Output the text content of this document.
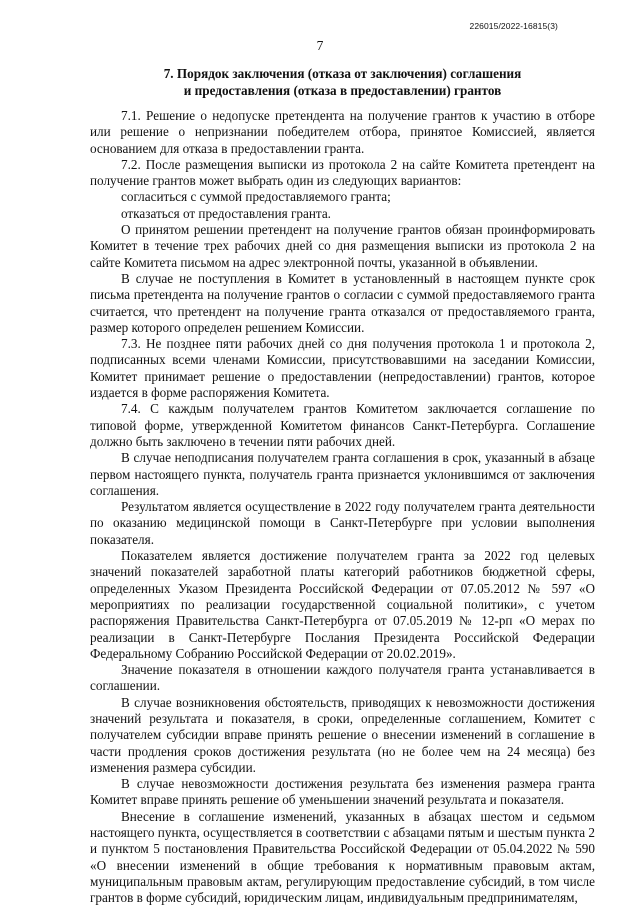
226015/2022-16815(3)
7
7. Порядок заключения (отказа от заключения) соглашения
и предоставления (отказа в предоставлении) грантов

7.1. Решение о недопуске претендента на получение грантов к участию в отборе или решение о непризнании победителем отбора, принятое Комиссией, является основанием для отказа в предоставлении гранта.

7.2. После размещения выписки из протокола 2 на сайте Комитета претендент на получение грантов может выбрать один из следующих вариантов:

согласиться с суммой предоставляемого гранта;

отказаться от предоставления гранта.

О принятом решении претендент на получение грантов обязан проинформировать Комитет в течение трех рабочих дней со дня размещения выписки из протокола 2 на сайте Комитета письмом на адрес электронной почты, указанной в объявлении.

В случае не поступления в Комитет в установленный в настоящем пункте срок письма претендента на получение грантов о согласии с суммой предоставляемого гранта считается, что претендент на получение гранта отказался от предоставляемого гранта, размер которого определен решением Комиссии.

7.3. Не позднее пяти рабочих дней со дня получения протокола 1 и протокола 2, подписанных всеми членами Комиссии, присутствовавшими на заседании Комиссии, Комитет принимает решение о предоставлении (непредоставлении) грантов, которое издается в форме распоряжения Комитета.

7.4. С каждым получателем грантов Комитетом заключается соглашение по типовой форме, утвержденной Комитетом финансов Санкт-Петербурга. Соглашение должно быть заключено в течении пяти рабочих дней.

В случае неподписания получателем гранта соглашения в срок, указанный в абзаце первом настоящего пункта, получатель гранта признается уклонившимся от заключения соглашения.

Результатом является осуществление в 2022 году получателем гранта деятельности по оказанию медицинской помощи в Санкт-Петербурге при условии выполнения показателя.

Показателем является достижение получателем гранта за 2022 год целевых значений показателей заработной платы категорий работников бюджетной сферы, определенных Указом Президента Российской Федерации от 07.05.2012 № 597 «О мероприятиях по реализации государственной социальной политики», с учетом распоряжения Правительства Санкт-Петербурга от 07.05.2019 № 12-рп «О мерах по реализации в Санкт-Петербурге Послания Президента Российской Федерации Федеральному Собранию Российской Федерации от 20.02.2019».

Значение показателя в отношении каждого получателя гранта устанавливается в соглашении.

В случае возникновения обстоятельств, приводящих к невозможности достижения значений результата и показателя, в сроки, определенные соглашением, Комитет с получателем субсидии вправе принять решение о внесении изменений в соглашение в части продления сроков достижения результата (но не более чем на 24 месяца) без изменения размера субсидии.

В случае невозможности достижения результата без изменения размера гранта Комитет вправе принять решение об уменьшении значений результата и показателя.

Внесение в соглашение изменений, указанных в абзацах шестом и седьмом настоящего пункта, осуществляется в соответствии с абзацами пятым и шестым пункта 2 и пунктом 5 постановления Правительства Российской Федерации от 05.04.2022 № 590 «О внесении изменений в общие требования к нормативным правовым актам, муниципальным правовым актам, регулирующим предоставление субсидий, в том числе грантов в форме субсидий, юридическим лицам, индивидуальным предпринимателям,
